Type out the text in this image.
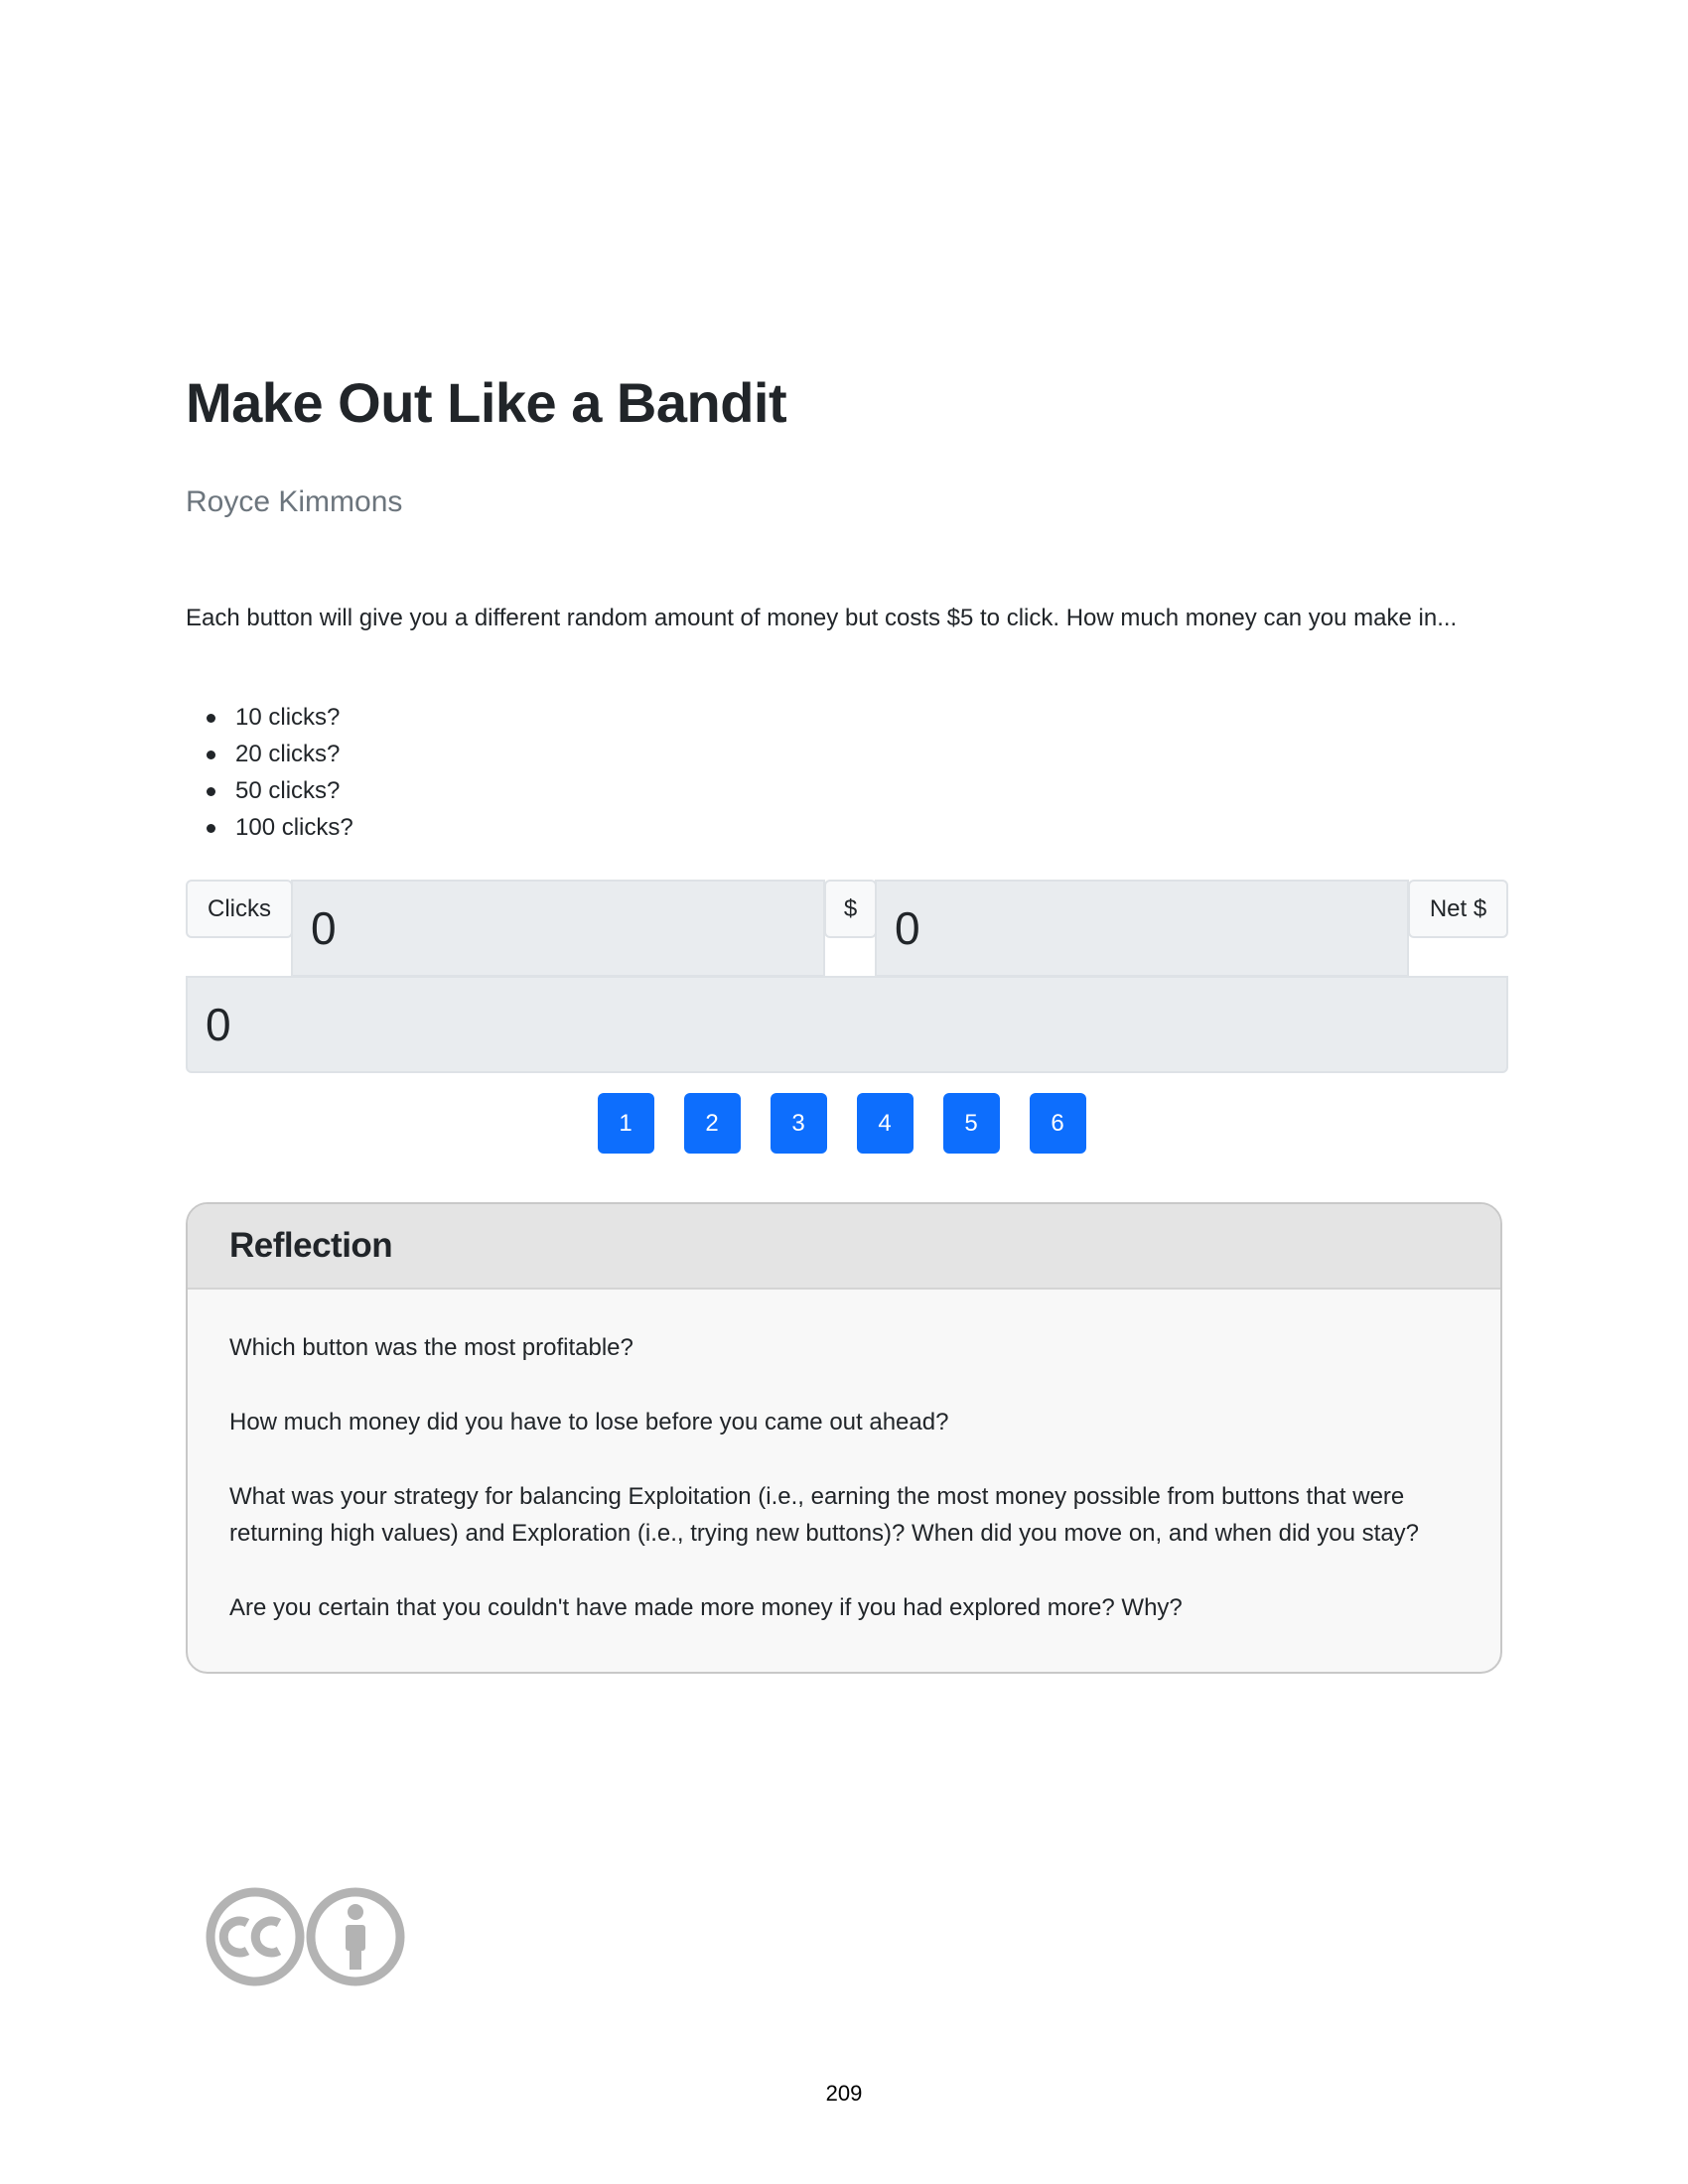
Make Out Like a Bandit
Royce Kimmons

Each button will give you a different random amount of money but costs $5 to click. How much money can you make in...

10 clicks?
20 clicks?
50 clicks?
100 clicks?
Clicks 0	$ 0	Net $
0
1	2	3	4	5	6
Reflection

Which button was the most profitable?

How much money did you have to lose before you came out ahead?

What was your strategy for balancing Exploitation (i.e., earning the most money possible from buttons that were returning high values) and Exploration (i.e., trying new buttons)? When did you move on, and when did you stay?

Are you certain that you couldn't have made more money if you had explored more? Why?

209
